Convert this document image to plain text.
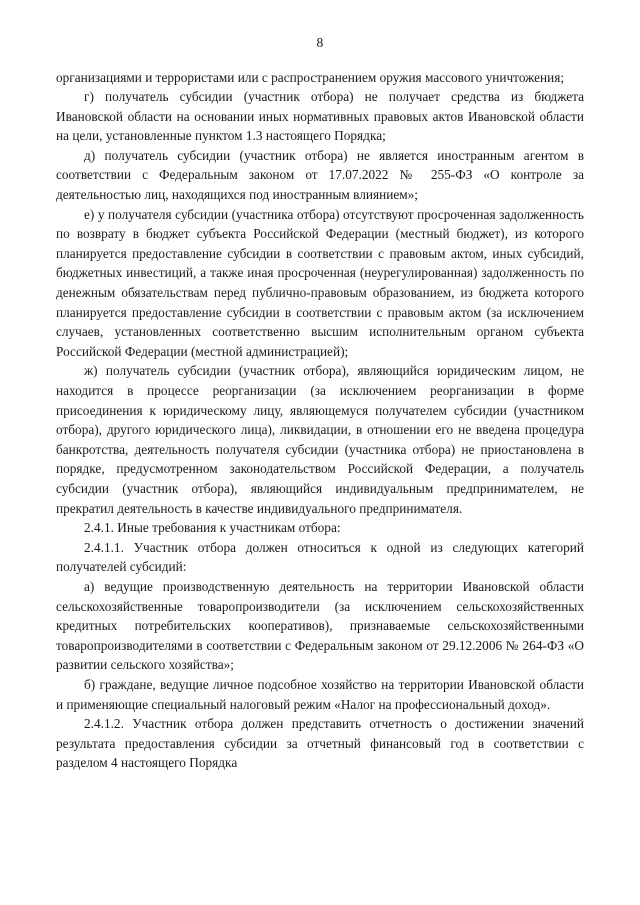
8

организациями и террористами или с распространением оружия массового уничтожения;

г) получатель субсидии (участник отбора) не получает средства из бюджета Ивановской области на основании иных нормативных правовых актов Ивановской области на цели, установленные пунктом 1.3 настоящего Порядка;

д) получатель субсидии (участник отбора) не является иностранным агентом в соответствии с Федеральным законом от 17.07.2022 № 255-ФЗ «О контроле за деятельностью лиц, находящихся под иностранным влиянием»;

е) у получателя субсидии (участника отбора) отсутствуют просроченная задолженность по возврату в бюджет субъекта Российской Федерации (местный бюджет), из которого планируется предоставление субсидии в соответствии с правовым актом, иных субсидий, бюджетных инвестиций, а также иная просроченная (неурегулированная) задолженность по денежным обязательствам перед публично-правовым образованием, из бюджета которого планируется предоставление субсидии в соответствии с правовым актом (за исключением случаев, установленных соответственно высшим исполнительным органом субъекта Российской Федерации (местной администрацией);

ж) получатель субсидии (участник отбора), являющийся юридическим лицом, не находится в процессе реорганизации (за исключением реорганизации в форме присоединения к юридическому лицу, являющемуся получателем субсидии (участником отбора), другого юридического лица), ликвидации, в отношении его не введена процедура банкротства, деятельность получателя субсидии (участника отбора) не приостановлена в порядке, предусмотренном законодательством Российской Федерации, а получатель субсидии (участник отбора), являющийся индивидуальным предпринимателем, не прекратил деятельность в качестве индивидуального предпринимателя.

2.4.1. Иные требования к участникам отбора:

2.4.1.1. Участник отбора должен относиться к одной из следующих категорий получателей субсидий:

а) ведущие производственную деятельность на территории Ивановской области сельскохозяйственные товаропроизводители (за исключением сельскохозяйственных кредитных потребительских кооперативов), признаваемые сельскохозяйственными товаропроизводителями в соответствии с Федеральным законом от 29.12.2006 № 264-ФЗ «О развитии сельского хозяйства»;

б) граждане, ведущие личное подсобное хозяйство на территории Ивановской области и применяющие специальный налоговый режим «Налог на профессиональный доход».

2.4.1.2. Участник отбора должен представить отчетность о достижении значений результата предоставления субсидии за отчетный финансовый год в соответствии с разделом 4 настоящего Порядка
